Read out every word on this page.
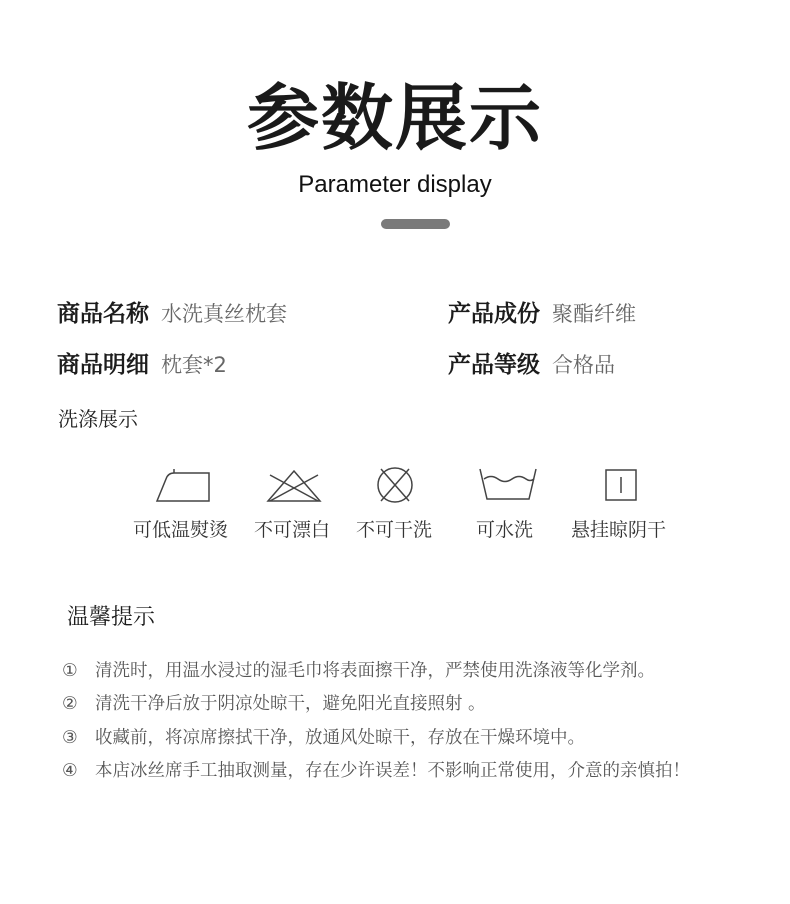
参数展示
Parameter display
商品名称 水洗真丝枕套	产品成份 聚酯纤维
商品明细 枕套*2	产品等级 合格品
洗涤展示
可低温熨烫 不可漂白 不可干洗 可水洗 悬挂晾阴干
温馨提示
① 清洗时，用温水浸过的湿毛巾将表面擦干净，严禁使用洗涤液等化学剂。
② 清洗干净后放于阴凉处晾干，避免阳光直接照射 。
③ 收藏前，将凉席擦拭干净，放通风处晾干，存放在干燥环境中。
④ 本店冰丝席手工抽取测量，存在少许误差！不影响正常使用，介意的亲慎拍！
